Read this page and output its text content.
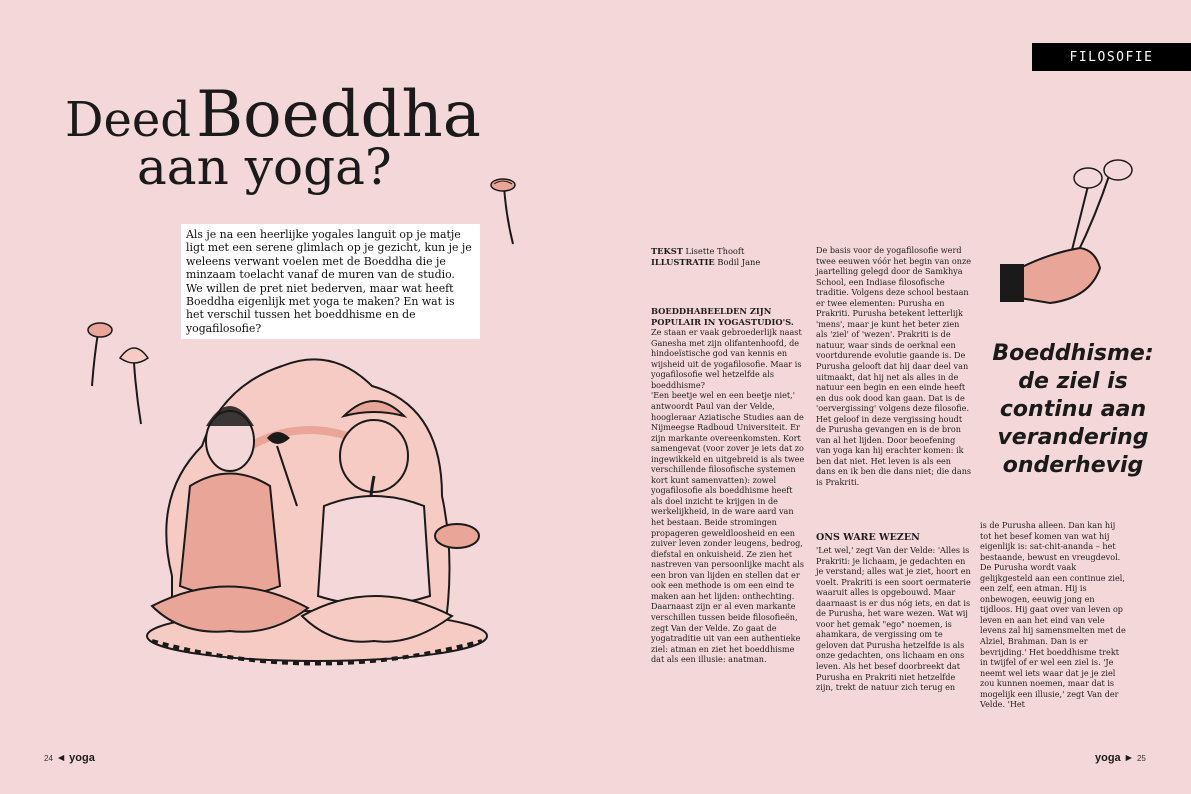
FILOSOFIE
Deed Boeddha
aan yoga?
Als je na een heerlijke yogales languit op je matje ligt met een serene glimlach op je gezicht, kun je je weleens verwant voelen met de Boeddha die je minzaam toelacht vanaf de muren van de studio. We willen de pret niet bederven, maar wat heeft Boeddha eigenlijk met yoga te maken? En wat is het verschil tussen het boeddhisme en de yogafilosofie?
TEKST Lisette Thooft
ILLUSTRATIE Bodil Jane

BOEDDHABEELDEN ZIJN POPULAIR IN YOGASTUDIO'S.

Ze staan er vaak gebroederlijk naast Ganesha met zijn olifantenhoofd, de hindoeïstische god van kennis en wijsheid uit de yogafilosofie. Maar is yogafilosofie wel hetzelfde als boeddhisme?

'Een beetje wel en een beetje niet,' antwoordt Paul van der Velde, hoogleraar Aziatische Studies aan de Nijmeegse Radboud Universiteit. Er zijn markante overeenkomsten. Kort samengevat (voor zover je iets dat zo ingewikkeld en uitgebreid is als twee verschillende filosofische systemen kort kunt samenvatten): zowel yogafilosofie als boeddhisme heeft als doel inzicht te krijgen in de werkelijkheid, in de ware aard van het bestaan. Beide stromingen propageren geweldloosheid en een zuiver leven zonder leugens, bedrog, diefstal en onkuisheid. Ze zien het nastreven van persoonlijke macht als een bron van lijden en stellen dat er ook een methode is om een eind te maken aan het lijden: onthechting.

Daarnaast zijn er al even markante verschillen tussen beide filosofieën, zegt Van der Velde. Zo gaat de yogatraditie uit van een authentieke ziel: atman en ziet het boeddhisme dat als een illusie: anatman.

De basis voor de yogafilosofie werd twee eeuwen vóór het begin van onze jaartelling gelegd door de Samkhya School, een Indiase filosofische traditie. Volgens deze school bestaan er twee elementen: Purusha en Prakriti. Purusha betekent letterlijk 'mens', maar je kunt het beter zien als 'ziel' of 'wezen'. Prakriti is de natuur, waar sinds de oerknal een voortdurende evolutie gaande is. De Purusha gelooft dat hij daar deel van uitmaakt, dat hij net als alles in de natuur een begin en een einde heeft en dus ook dood kan gaan. Dat is de 'oervergissing' volgens deze filosofie. Het geloof in deze vergissing houdt de Purusha gevangen en is de bron van al het lijden. Door beoefening van yoga kan hij erachter komen: ik ben dat niet. Het leven is als een dans en ik ben die dans niet; die dans is Prakriti.

ONS WARE WEZEN

'Let wel,' zegt Van der Velde: 'Alles is Prakriti: je lichaam, je gedachten en je verstand; alles wat je ziet, hoort en voelt. Prakriti is een soort oermaterie waaruit alles is opgebouwd. Maar daarnaast is er dus nóg iets, en dat is de Purusha, het ware wezen. Wat wij voor het gemak "ego" noemen, is ahamkara, de vergissing om te geloven dat Purusha hetzelfde is als onze gedachten, ons lichaam en ons leven. Als het besef doorbreekt dat Purusha en Prakriti niet hetzelfde zijn, trekt de natuur zich terug en

is de Purusha alleen. Dan kan hij tot het besef komen van wat hij eigenlijk is: sat-chit-ananda – het bestaande, bewust en vreugdevol. De Purusha wordt vaak gelijkgesteld aan een continue ziel, een zelf, een atman. Hij is onbewogen, eeuwig jong en tijdloos. Hij gaat over van leven op leven en aan het eind van vele levens zal hij samensmelten met de Alziel, Brahman. Dan is er bevrijding.' Het boeddhisme trekt in twijfel of er wel een ziel is. 'Je neemt wel iets waar dat je je ziel zou kunnen noemen, maar dat is mogelijk een illusie,' zegt Van der Velde. 'Het

Boeddhisme:
de ziel is
continu aan
verandering
onderhevig
24 ◄ yoga	yoga ► 25
